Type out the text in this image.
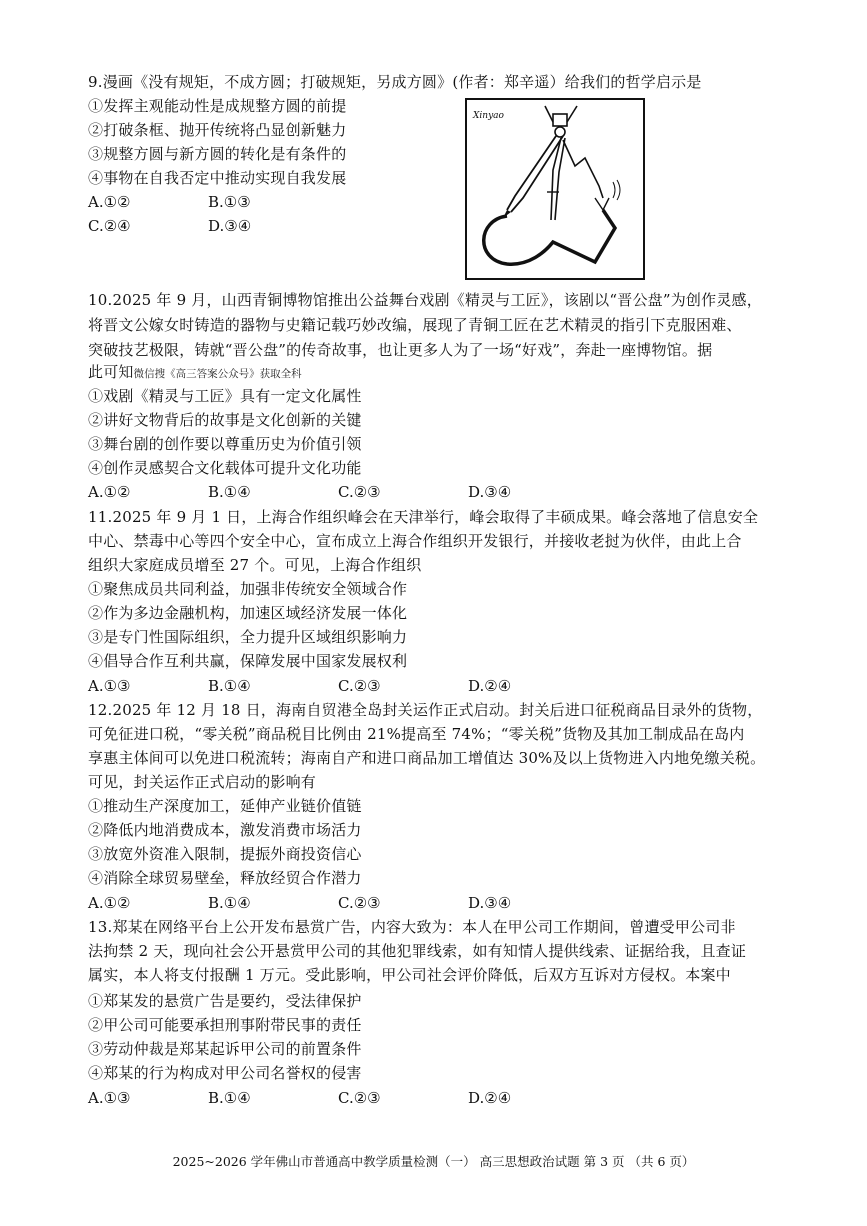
9.漫画《没有规矩，不成方圆；打破规矩，另成方圆》(作者：郑辛遥）给我们的哲学启示是
①发挥主观能动性是成规整方圆的前提
②打破条框、抛开传统将凸显创新魅力
③规整方圆与新方圆的转化是有条件的
④事物在自我否定中推动实现自我发展
A.①②	B.①③
C.②④	D.③④
Xinyao
10.2025 年 9 月，山西青铜博物馆推出公益舞台戏剧《精灵与工匠》，该剧以“晋公盘”为创作灵感，
将晋文公嫁女时铸造的器物与史籍记载巧妙改编，展现了青铜工匠在艺术精灵的指引下克服困难、
突破技艺极限，铸就“晋公盘”的传奇故事，也让更多人为了一场“好戏”，奔赴一座博物馆。据
此可知微信搜《高三答案公众号》获取全科
①戏剧《精灵与工匠》具有一定文化属性
②讲好文物背后的故事是文化创新的关键
③舞台剧的创作要以尊重历史为价值引领
④创作灵感契合文化载体可提升文化功能
A.①②	B.①④	C.②③	D.③④
11.2025 年 9 月 1 日，上海合作组织峰会在天津举行，峰会取得了丰硕成果。峰会落地了信息安全
中心、禁毒中心等四个安全中心，宣布成立上海合作组织开发银行，并接收老挝为伙伴，由此上合
组织大家庭成员增至 27 个。可见，上海合作组织
①聚焦成员共同利益，加强非传统安全领域合作
②作为多边金融机构，加速区域经济发展一体化
③是专门性国际组织，全力提升区域组织影响力
④倡导合作互利共赢，保障发展中国家发展权利
A.①③	B.①④	C.②③	D.②④
12.2025 年 12 月 18 日，海南自贸港全岛封关运作正式启动。封关后进口征税商品目录外的货物，
可免征进口税，“零关税”商品税目比例由 21%提高至 74%；“零关税”货物及其加工制成品在岛内
享惠主体间可以免进口税流转；海南自产和进口商品加工增值达 30%及以上货物进入内地免缴关税。
可见，封关运作正式启动的影响有
①推动生产深度加工，延伸产业链价值链
②降低内地消费成本，激发消费市场活力
③放宽外资准入限制，提振外商投资信心
④消除全球贸易壁垒，释放经贸合作潜力
A.①②	B.①④	C.②③	D.③④
13.郑某在网络平台上公开发布悬赏广告，内容大致为：本人在甲公司工作期间，曾遭受甲公司非
法拘禁 2 天，现向社会公开悬赏甲公司的其他犯罪线索，如有知情人提供线索、证据给我，且查证
属实，本人将支付报酬 1 万元。受此影响，甲公司社会评价降低，后双方互诉对方侵权。本案中
①郑某发的悬赏广告是要约，受法律保护
②甲公司可能要承担刑事附带民事的责任
③劳动仲裁是郑某起诉甲公司的前置条件
④郑某的行为构成对甲公司名誉权的侵害
A.①③	B.①④	C.②③	D.②④
2025~2026 学年佛山市普通高中教学质量检测（一） 高三思想政治试题 第 3 页 （共 6 页）
